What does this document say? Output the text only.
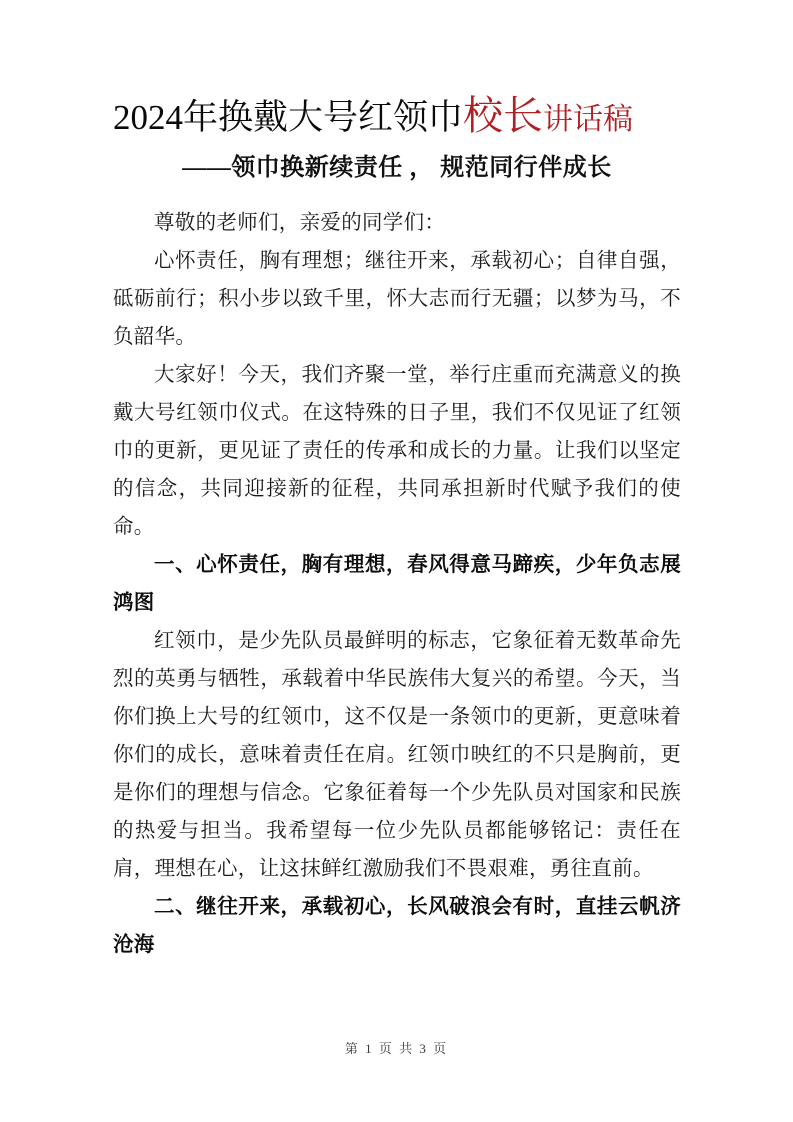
2024年换戴大号红领巾校长讲话稿
——领巾换新续责任 ， 规范同行伴成长

尊敬的老师们，亲爱的同学们：

心怀责任，胸有理想；继往开来，承载初心；自律自强，砥砺前行；积小步以致千里，怀大志而行无疆；以梦为马，不负韶华。

大家好！今天，我们齐聚一堂，举行庄重而充满意义的换戴大号红领巾仪式。在这特殊的日子里，我们不仅见证了红领巾的更新，更见证了责任的传承和成长的力量。让我们以坚定的信念，共同迎接新的征程，共同承担新时代赋予我们的使命。

一、心怀责任，胸有理想，春风得意马蹄疾，少年负志展鸿图

红领巾，是少先队员最鲜明的标志，它象征着无数革命先烈的英勇与牺牲，承载着中华民族伟大复兴的希望。今天，当你们换上大号的红领巾，这不仅是一条领巾的更新，更意味着你们的成长，意味着责任在肩。红领巾映红的不只是胸前，更是你们的理想与信念。它象征着每一个少先队员对国家和民族的热爱与担当。我希望每一位少先队员都能够铭记：责任在肩，理想在心，让这抹鲜红激励我们不畏艰难，勇往直前。

二、继往开来，承载初心，长风破浪会有时，直挂云帆济沧海

第 1 页 共 3 页
